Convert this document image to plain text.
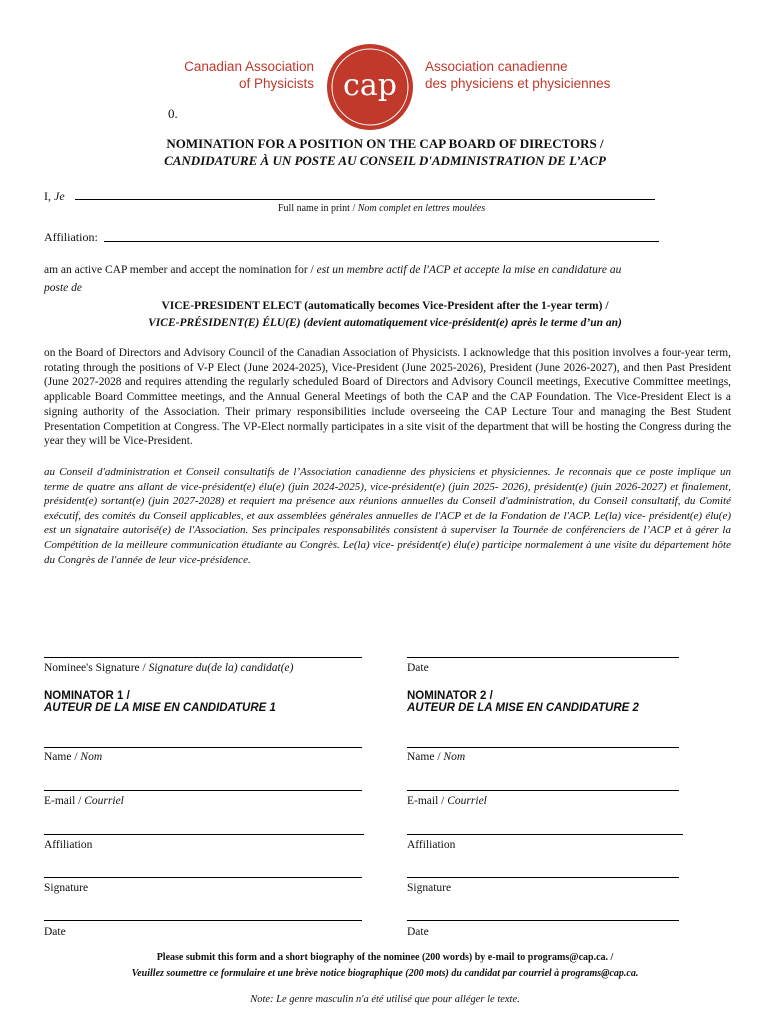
Canadian Association
of Physicists cap
Association canadienne
des physiciens et physiciennes
0.
NOMINATION FOR A POSITION ON THE CAP BOARD OF DIRECTORS /
CANDIDATURE À UN POSTE AU CONSEIL D'ADMINISTRATION DE L’ACP
I, Je
Full name in print / Nom complet en lettres moulées
Affiliation:
am an active CAP member and accept the nomination for / est un membre actif de l'ACP et accepte la mise en candidature au
poste de
VICE-PRESIDENT ELECT (automatically becomes Vice-President after the 1-year term) /
VICE-PRÉSIDENT(E) ÉLU(E) (devient automatiquement vice-président(e) après le terme d’un an)
on the Board of Directors and Advisory Council of the Canadian Association of Physicists. I acknowledge that this position involves a four-year term, rotating through the positions of V-P Elect (June 2024-2025), Vice-President (June 2025-2026), President (June 2026-2027), and then Past President (June 2027-2028 and requires attending the regularly scheduled Board of Directors and Advisory Council meetings, Executive Committee meetings, applicable Board Committee meetings, and the Annual General Meetings of both the CAP and the CAP Foundation. The Vice-President Elect is a signing authority of the Association. Their primary responsibilities include overseeing the CAP Lecture Tour and managing the Best Student Presentation Competition at Congress. The VP-Elect normally participates in a site visit of the department that will be hosting the Congress during the year they will be Vice-President.
au Conseil d'administration et Conseil consultatifs de l’Association canadienne des physiciens et physiciennes. Je reconnais que ce poste implique un terme de quatre ans allant de vice-président(e) élu(e) (juin 2024-2025), vice-président(e) (juin 2025- 2026), président(e) (juin 2026-2027) et finalement, président(e) sortant(e) (juin 2027-2028) et requiert ma présence aux réunions annuelles du Conseil d'administration, du Conseil consultatif, du Comité exécutif, des comités du Conseil applicables, et aux assemblées générales annuelles de l'ACP et de la Fondation de l'ACP. Le(la) vice- président(e) élu(e) est un signataire autorisé(e) de l'Association. Ses principales responsabilités consistent à superviser la Tournée de conférenciers de l’ACP et à gérer la Compétition de la meilleure communication étudiante au Congrès. Le(la) vice- président(e) élu(e) participe normalement à une visite du département hôte du Congrès de l'année de leur vice-présidence.
Nominee's Signature / Signature du(de la) candidat(e)	Date
NOMINATOR 1 /
AUTEUR DE LA MISE EN CANDIDATURE 1
NOMINATOR 2 /
AUTEUR DE LA MISE EN CANDIDATURE 2
Name / Nom
E-mail / Courriel
Affiliation
Signature
Date
Name / Nom
E-mail / Courriel
Affiliation
Signature
Date
Please submit this form and a short biography of the nominee (200 words) by e-mail to programs@cap.ca. /
Veuillez soumettre ce formulaire et une brève notice biographique (200 mots) du candidat par courriel à programs@cap.ca.
Note: Le genre masculin n'a été utilisé que pour alléger le texte.
